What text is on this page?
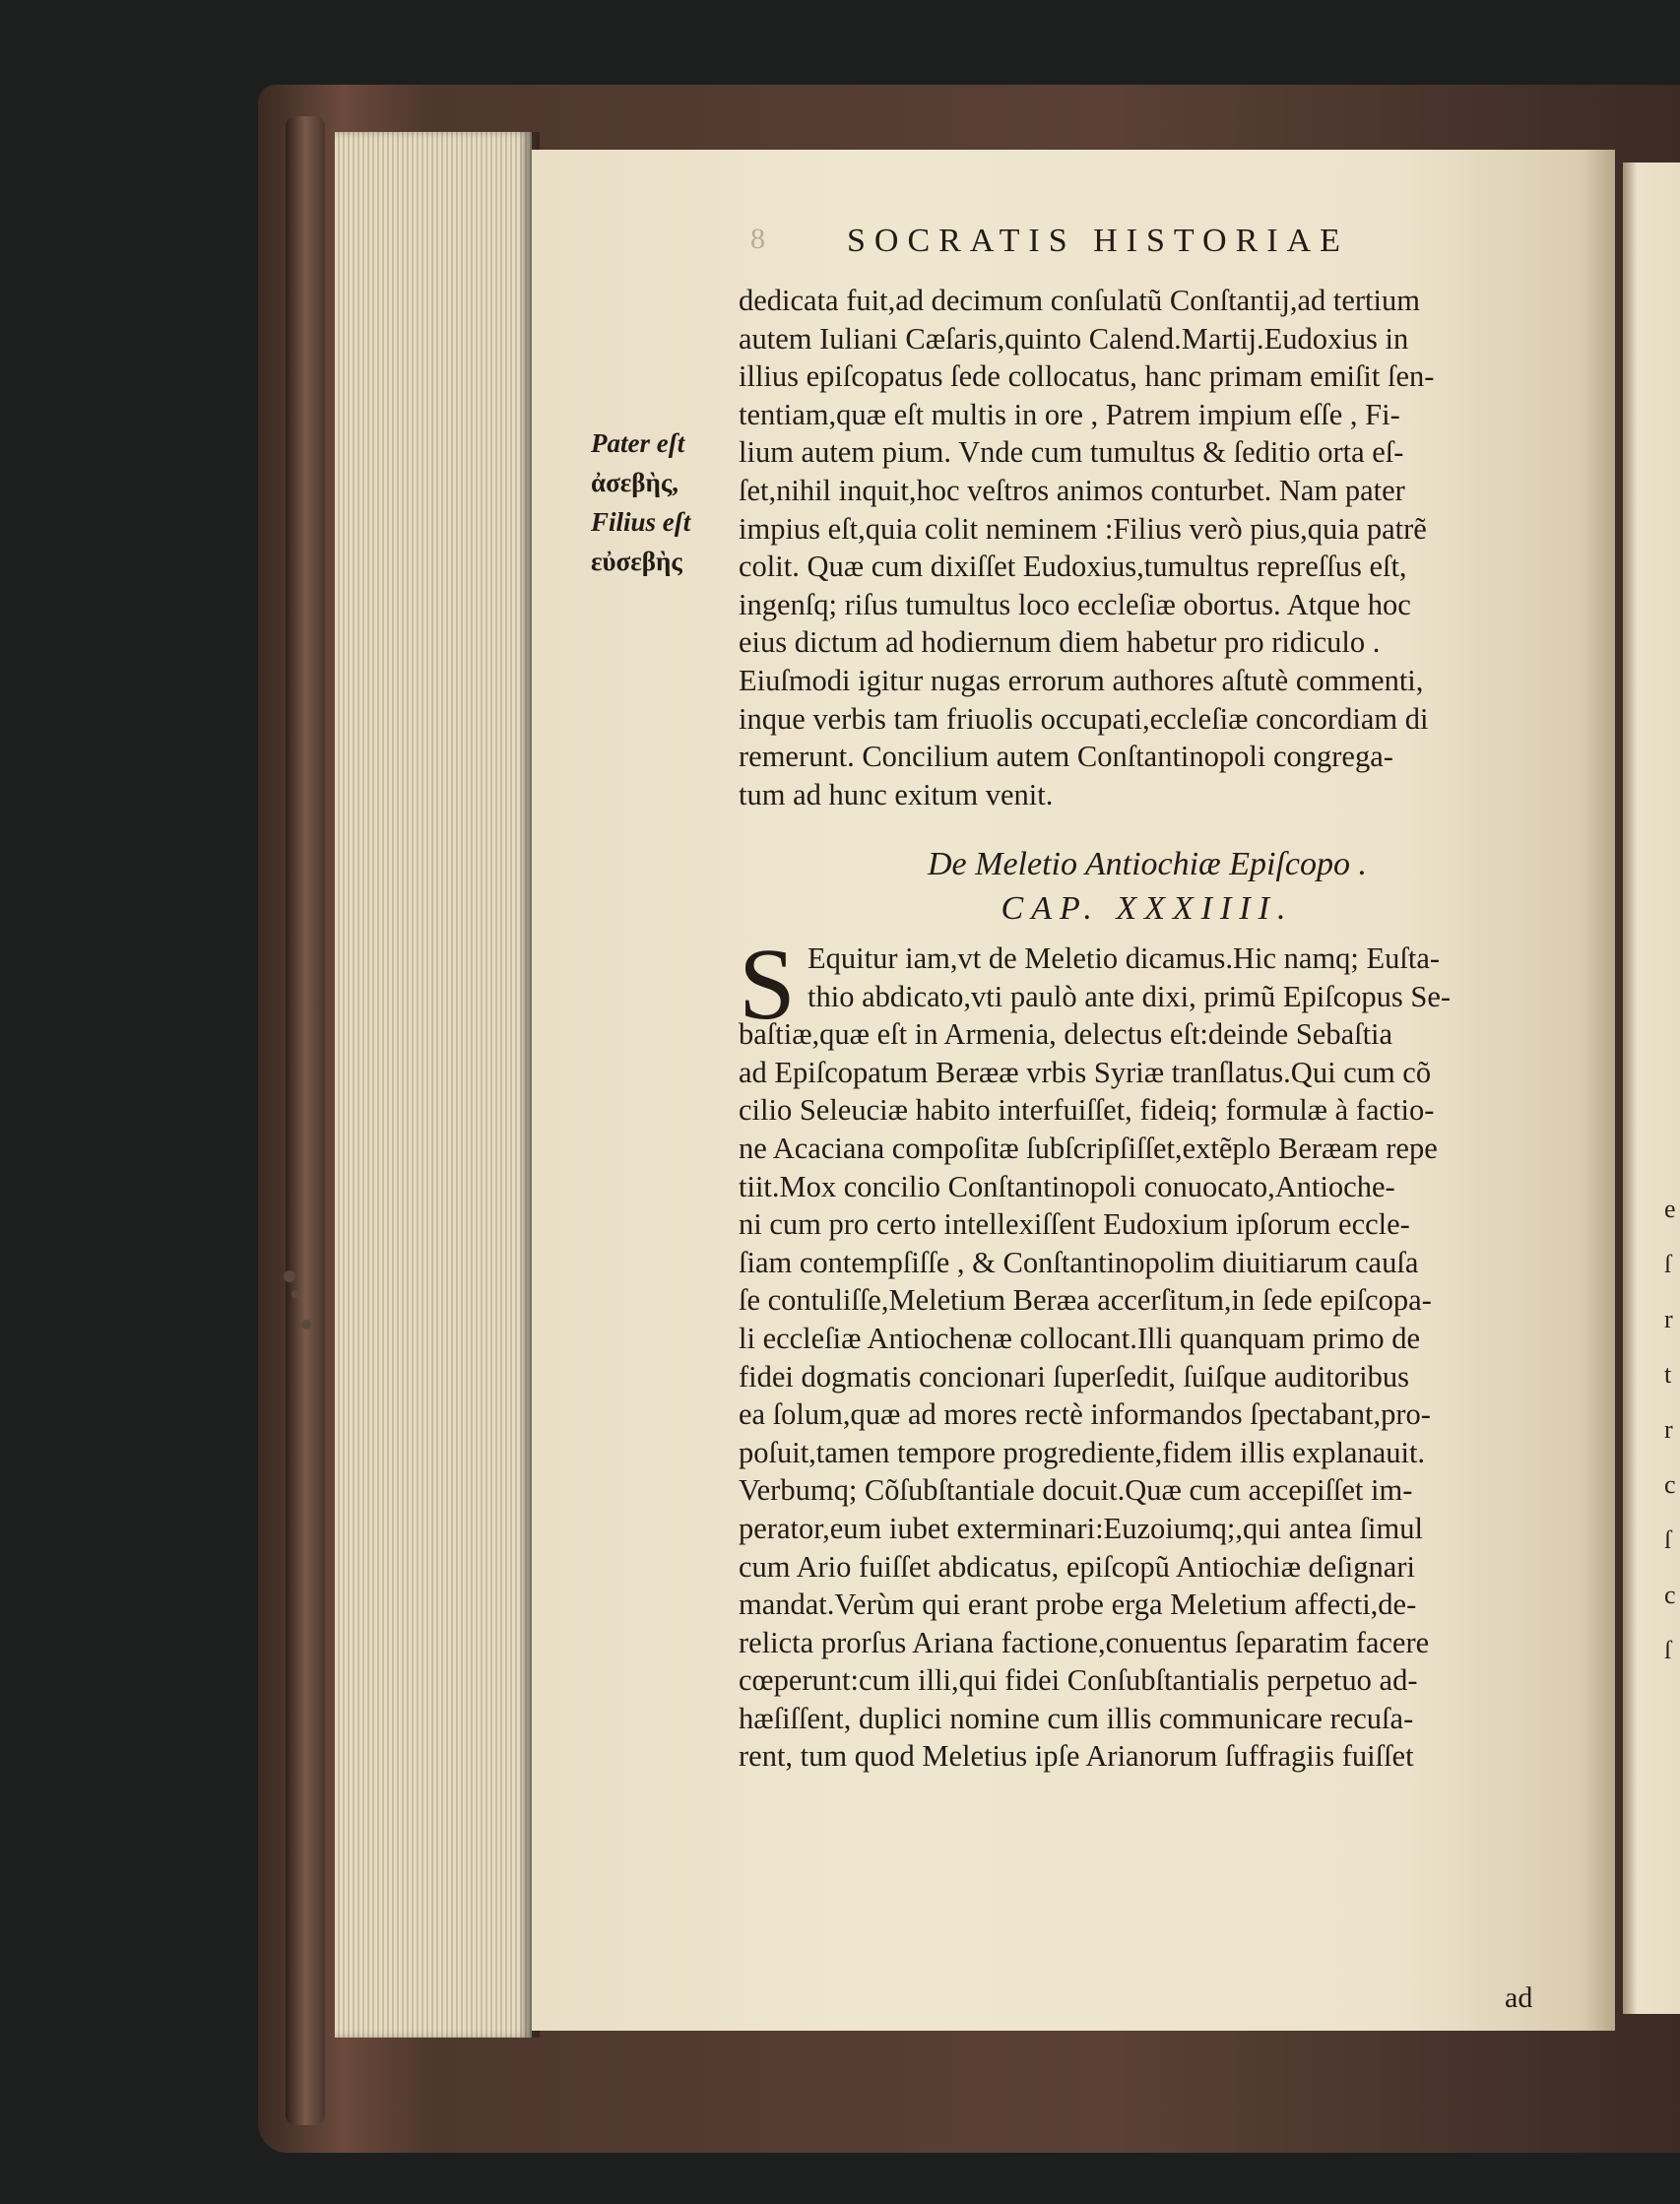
e
ſ
r
t
r
c
ſ
c
ſ
8 SOCRATIS HISTORIAE
Pater eſt
ἀσεβὴς,
Filius eſt
εὐσεβὴς
dedicata fuit,ad decimum conſulatũ Conſtantij,ad tertium
autem Iuliani Cæſaris,quinto Calend.Martij.Eudoxius in
illius epiſcopatus ſede collocatus, hanc primam emiſit ſen-
tentiam,quæ eſt multis in ore , Patrem impium eſſe , Fi-
lium autem pium. Vnde cum tumultus & ſeditio orta eſ-
ſet,nihil inquit,hoc veſtros animos conturbet. Nam pater
impius eſt,quia colit neminem :Filius verò pius,quia patrẽ
colit. Quæ cum dixiſſet Eudoxius,tumultus repreſſus eſt,
ingenſq; riſus tumultus loco eccleſiæ obortus. Atque hoc
eius dictum ad hodiernum diem habetur pro ridiculo .
Eiuſmodi igitur nugas errorum authores aſtutè commenti,
inque verbis tam friuolis occupati,eccleſiæ concordiam di
remerunt. Concilium autem Conſtantinopoli congrega-
tum ad hunc exitum venit.
De Meletio Antiochiæ Epiſcopo .
CAP. XXXIIII.
S Equitur iam,vt de Meletio dicamus.Hic namq; Euſta-
thio abdicato,vti paulò ante dixi, primũ Epiſcopus Se-
baſtiæ,quæ eſt in Armenia, delectus eſt:deinde Sebaſtia
ad Epiſcopatum Berææ vrbis Syriæ tranſlatus.Qui cum cõ
cilio Seleuciæ habito interfuiſſet, fideiq; formulæ à factio-
ne Acaciana compoſitæ ſubſcripſiſſet,extẽplo Beræam repe
tiit.Mox concilio Conſtantinopoli conuocato,Antioche-
ni cum pro certo intellexiſſent Eudoxium ipſorum eccle-
ſiam contempſiſſe , & Conſtantinopolim diuitiarum cauſa
ſe contuliſſe,Meletium Beræa accerſitum,in ſede epiſcopa-
li eccleſiæ Antiochenæ collocant.Illi quanquam primo de
fidei dogmatis concionari ſuperſedit, ſuiſque auditoribus
ea ſolum,quæ ad mores rectè informandos ſpectabant,pro-
poſuit,tamen tempore progrediente,fidem illis explanauit.
Verbumq; Cõſubſtantiale docuit.Quæ cum accepiſſet im-
perator,eum iubet exterminari:Euzoiumq;,qui antea ſimul
cum Ario fuiſſet abdicatus, epiſcopũ Antiochiæ deſignari
mandat.Verùm qui erant probe erga Meletium affecti,de-
relicta prorſus Ariana factione,conuentus ſeparatim facere
cœperunt:cum illi,qui fidei Conſubſtantialis perpetuo ad-
hæſiſſent, duplici nomine cum illis communicare recuſa-
rent, tum quod Meletius ipſe Arianorum ſuffragiis fuiſſet
ad
